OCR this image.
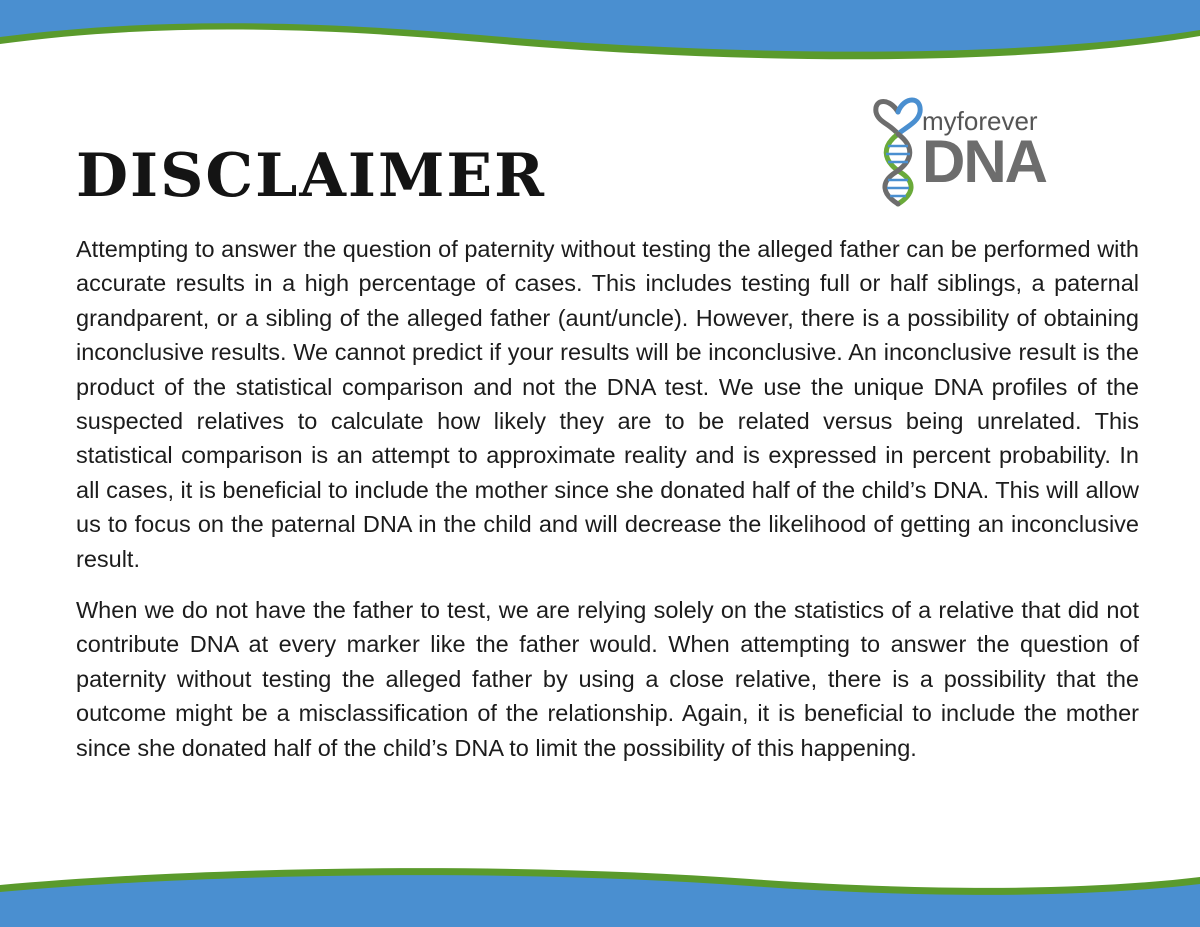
DISCLAIMER
myforever
DNA

Attempting to answer the question of paternity without testing the alleged father can be performed with accurate results in a high percentage of cases. This includes testing full or half siblings, a paternal grandparent, or a sibling of the alleged father (aunt/uncle). However, there is a possibility of obtaining inconclusive results. We cannot predict if your results will be inconclusive. An inconclusive result is the product of the statistical comparison and not the DNA test. We use the unique DNA profiles of the suspected relatives to calculate how likely they are to be related versus being unrelated. This statistical comparison is an attempt to approximate reality and is expressed in percent probability. In all cases, it is beneficial to include the mother since she donated half of the child’s DNA. This will allow us to focus on the paternal DNA in the child and will decrease the likelihood of getting an inconclusive result.

When we do not have the father to test, we are relying solely on the statistics of a relative that did not contribute DNA at every marker like the father would. When attempting to answer the question of paternity without testing the alleged father by using a close relative, there is a possibility that the outcome might be a misclassification of the relationship. Again, it is beneficial to include the mother since she donated half of the child’s DNA to limit the possibility of this happening.
